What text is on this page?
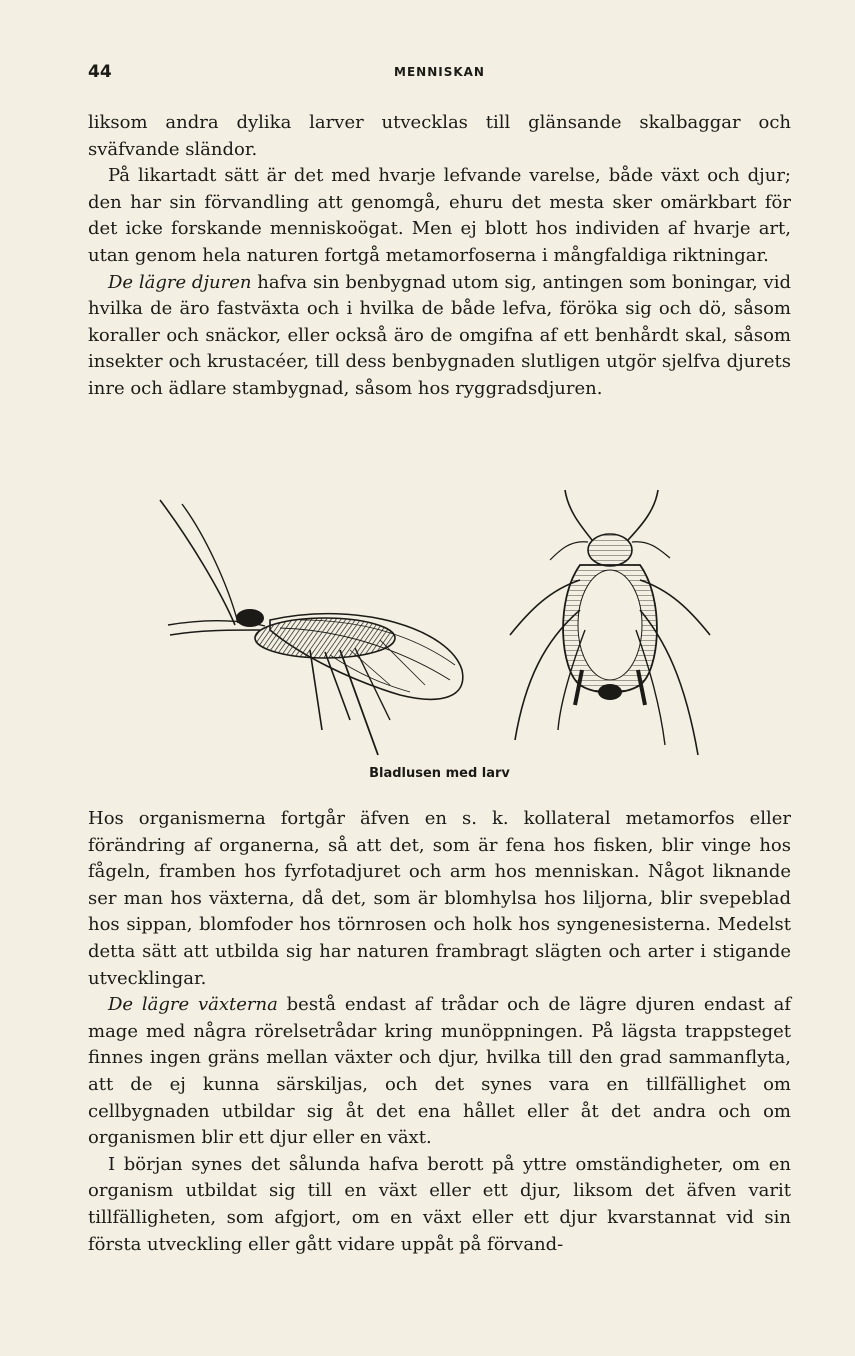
44	MENNISKAN

liksom andra dylika larver utvecklas till glänsande skalbaggar och sväfvande sländor.

På likartadt sätt är det med hvarje lefvande varelse, både växt och djur; den har sin förvandling att genomgå, ehuru det mesta sker omärkbart för det icke forskande menniskoögat. Men ej blott hos individen af hvarje art, utan genom hela naturen fortgå metamorfoserna i mångfaldiga riktningar.

De lägre djuren hafva sin benbygnad utom sig, antingen som boningar, vid hvilka de äro fastväxta och i hvilka de både lefva, föröka sig och dö, såsom koraller och snäckor, eller också äro de omgifna af ett benhårdt skal, såsom insekter och krustacéer, till dess benbygnaden slutligen utgör sjelfva djurets inre och ädlare stambygnad, såsom hos ryggradsdjuren.

Bladlusen med larv

Hos organismerna fortgår äfven en s. k. kollateral metamorfos eller förändring af organerna, så att det, som är fena hos fisken, blir vinge hos fågeln, framben hos fyrfotadjuret och arm hos menniskan. Något liknande ser man hos växterna, då det, som är blomhylsa hos liljorna, blir svepeblad hos sippan, blomfoder hos törnrosen och holk hos syngenesisterna. Medelst detta sätt att utbilda sig har naturen frambragt slägten och arter i stigande utvecklingar.

De lägre växterna bestå endast af trådar och de lägre djuren endast af mage med några rörelsetrådar kring munöppningen. På lägsta trappsteget finnes ingen gräns mellan växter och djur, hvilka till den grad sammanflyta, att de ej kunna särskiljas, och det synes vara en tillfällighet om cellbygnaden utbildar sig åt det ena hållet eller åt det andra och om organismen blir ett djur eller en växt.

I början synes det sålunda hafva berott på yttre omständigheter, om en organism utbildat sig till en växt eller ett djur, liksom det äfven varit tillfälligheten, som afgjort, om en växt eller ett djur kvarstannat vid sin första utveckling eller gått vidare uppåt på förvand-
